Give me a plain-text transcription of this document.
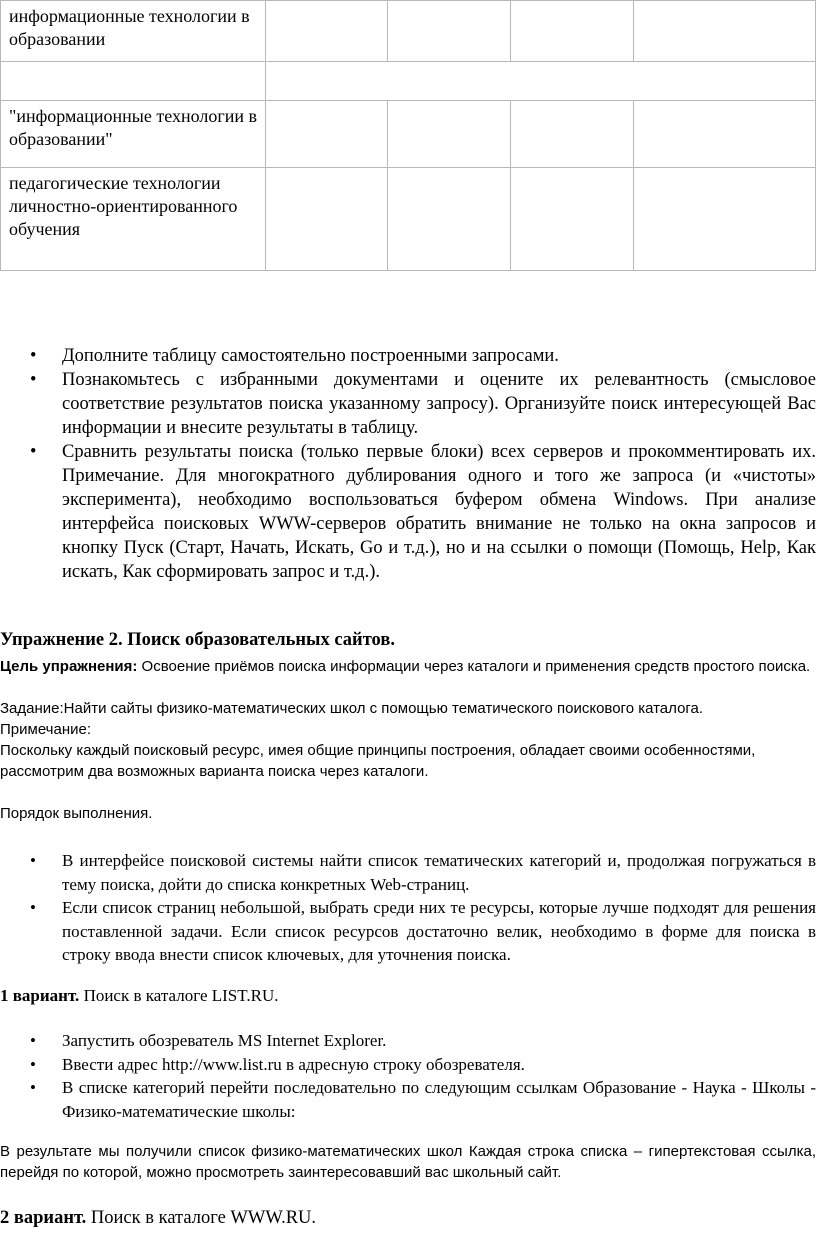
информационные технологии в образовании				

"информационные технологии в образовании"				
педагогические технологии личностно-ориентированного обучения				
• Дополните таблицу самостоятельно построенными запросами.
• Познакомьтесь с избранными документами и оцените их релевантность (смысловое соответствие результатов поиска указанному запросу). Организуйте поиск интересующей Вас информации и внесите результаты в таблицу.
• Сравнить результаты поиска (только первые блоки) всех серверов и прокомментировать их. Примечание. Для многократного дублирования одного и того же запроса (и «чистоты» эксперимента), необходимо воспользоваться буфером обмена Windows. При анализе интерфейса поисковых WWW-серверов обратить внимание не только на окна запросов и кнопку Пуск (Старт, Начать, Искать, Go и т.д.), но и на ссылки о помощи (Помощь, Help, Как искать, Как сформировать запрос и т.д.).
Упражнение 2. Поиск образовательных сайтов.
Цель упражнения: Освоение приёмов поиска информации через каталоги и применения средств простого поиска.
Задание:Найти сайты физико-математических школ с помощью тематического поискового каталога.
Примечание:
Поскольку каждый поисковый ресурс, имея общие принципы построения, обладает своими особенностями, рассмотрим два возможных варианта поиска через каталоги.
Порядок выполнения.
• В интерфейсе поисковой системы найти список тематических категорий и, продолжая погружаться в тему поиска, дойти до списка конкретных Web-страниц.
• Если список страниц небольшой, выбрать среди них те ресурсы, которые лучше подходят для решения поставленной задачи. Если список ресурсов достаточно велик, необходимо в форме для поиска в строку ввода внести список ключевых, для уточнения поиска.
1 вариант. Поиск в каталоге LIST.RU.
• Запустить обозреватель MS Internet Explorer.
• Ввести адрес http://www.list.ru в адресную строку обозревателя.
• В списке категорий перейти последовательно по следующим ссылкам Образование - Наука - Школы - Физико-математические школы:
В результате мы получили список физико-математических школ Каждая строка списка – гипертекстовая ссылка, перейдя по которой, можно просмотреть заинтересовавший вас школьный сайт.
2 вариант. Поиск в каталоге WWW.RU.
